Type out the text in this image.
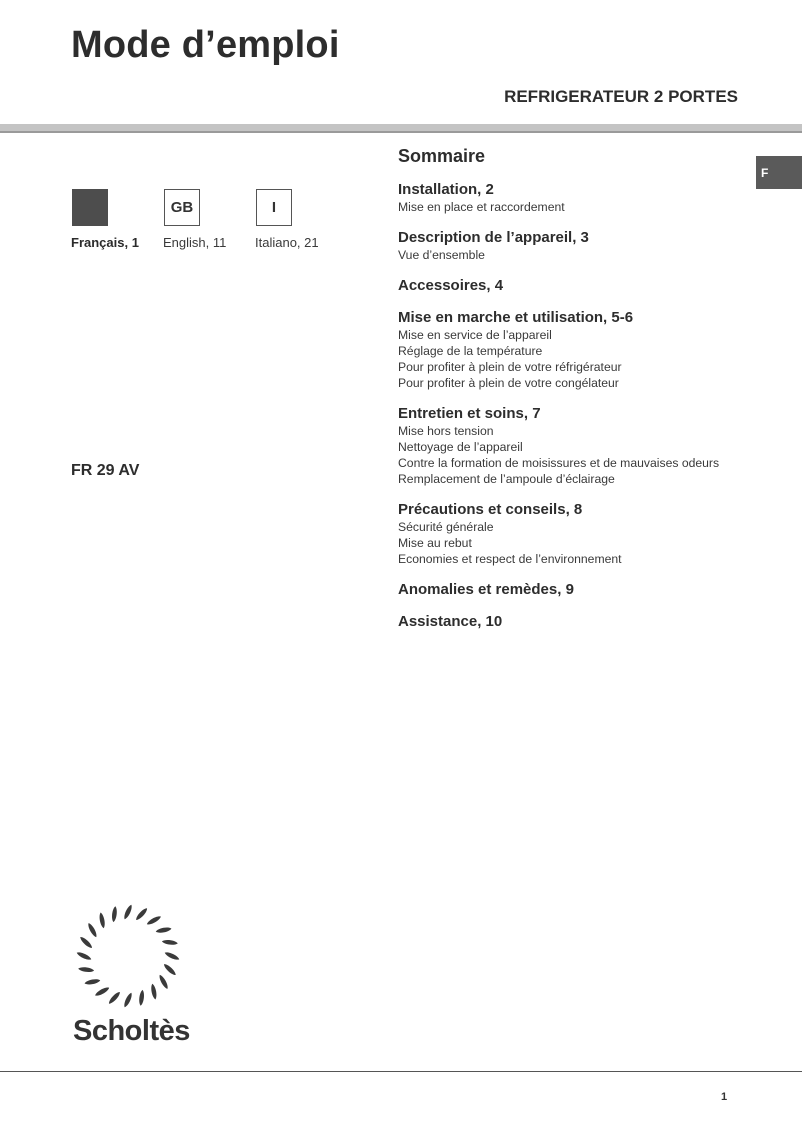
Mode d’emploi
REFRIGERATEUR 2 PORTES
GB	I
Français, 1 English, 11 Italiano, 21
FR 29 AV
F
Sommaire
Installation, 2
Mise en place et raccordement
Description de l’appareil, 3
Vue d’ensemble
Accessoires, 4
Mise en marche et utilisation, 5-6
Mise en service de l’appareil
Réglage de la température
Pour profiter à plein de votre réfrigérateur
Pour profiter à plein de votre congélateur
Entretien et soins, 7
Mise hors tension
Nettoyage de l’appareil
Contre la formation de moisissures et de mauvaises odeurs
Remplacement de l’ampoule d’éclairage
Précautions et conseils, 8
Sécurité générale
Mise au rebut
Economies et respect de l’environnement
Anomalies et remèdes, 9
Assistance, 10
Scholtès
1
